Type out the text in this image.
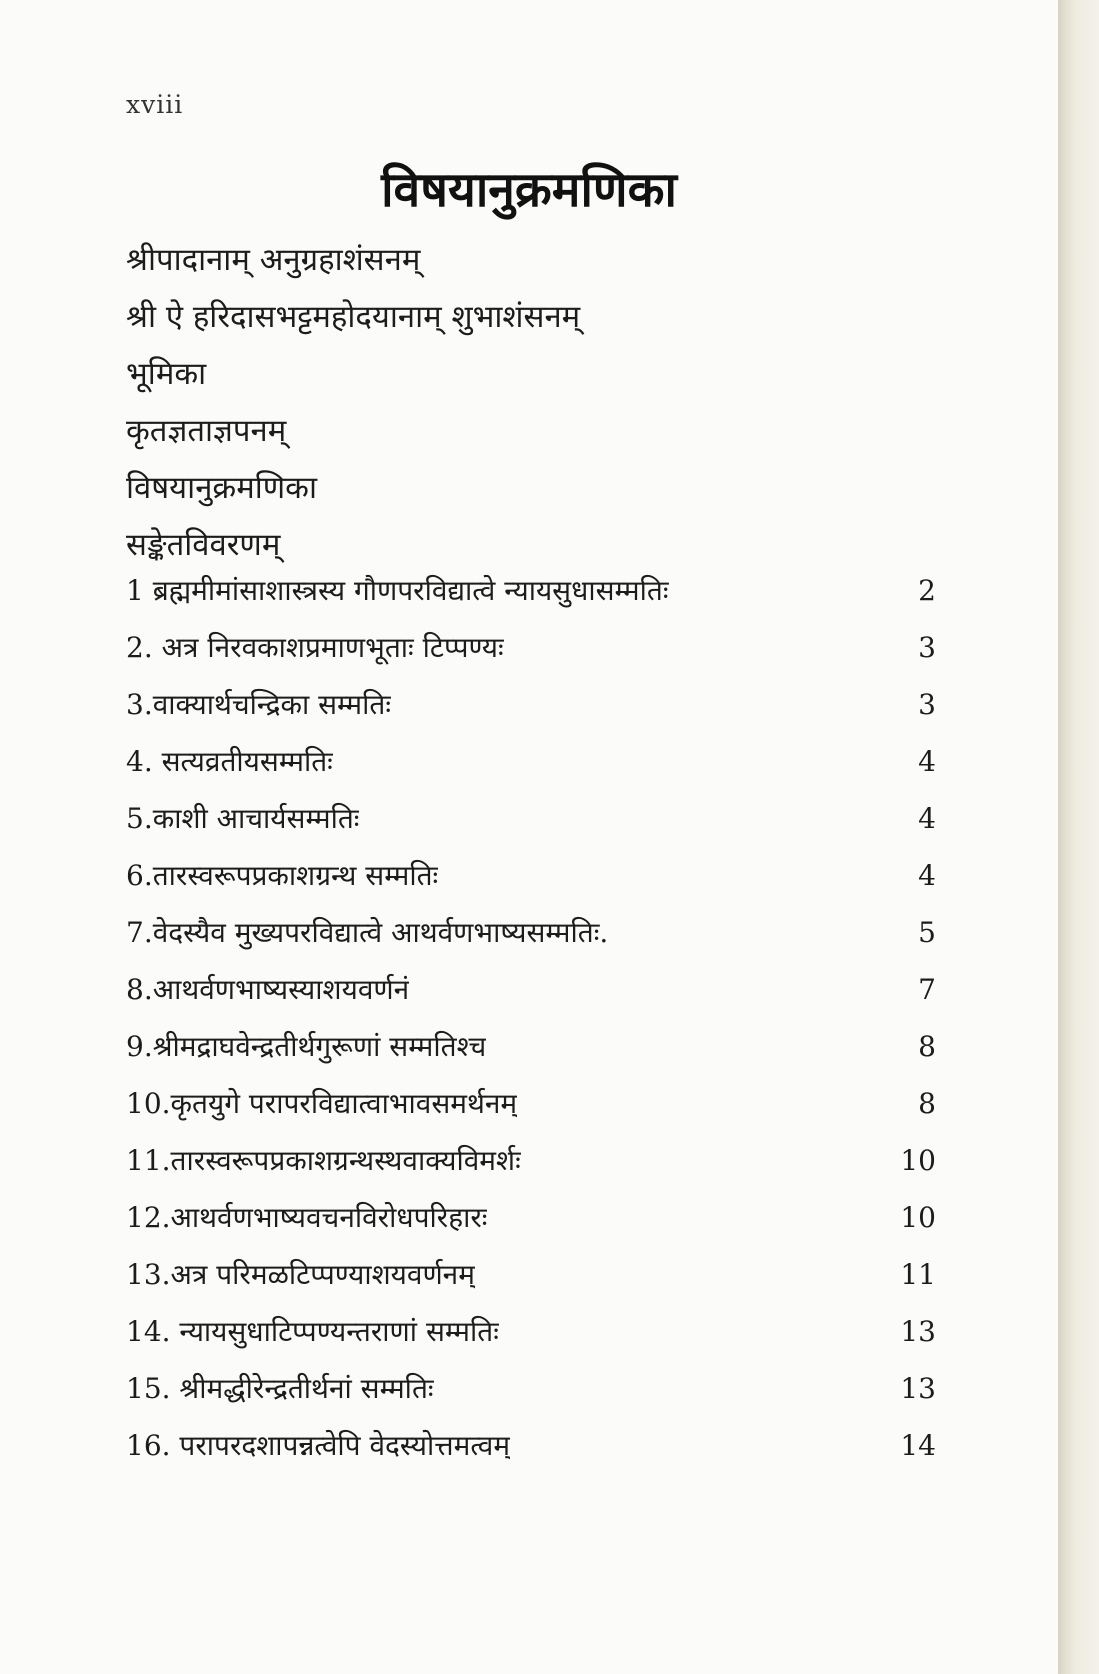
xviii
विषयानुक्रमणिका
श्रीपादानाम् अनुग्रहाशंसनम्
श्री ऐ हरिदासभट्टमहोदयानाम् शुभाशंसनम्
भूमिका
कृतज्ञताज्ञपनम्
विषयानुक्रमणिका
सङ्केतविवरणम्
1 ब्रह्ममीमांसाशास्त्रस्य गौणपरविद्यात्वे न्यायसुधासम्मतिः	2
2. अत्र निरवकाशप्रमाणभूताः टिप्पण्यः	3
3.वाक्यार्थचन्द्रिका सम्मतिः	3
4. सत्यव्रतीयसम्मतिः	4
5.काशी आचार्यसम्मतिः	4
6.तारस्वरूपप्रकाशग्रन्थ सम्मतिः	4
7.वेदस्यैव मुख्यपरविद्यात्वे आथर्वणभाष्यसम्मतिः.	5
8.आथर्वणभाष्यस्याशयवर्णनं	7
9.श्रीमद्राघवेन्द्रतीर्थगुरूणां सम्मतिश्च	8
10.कृतयुगे परापरविद्यात्वाभावसमर्थनम्	8
11.तारस्वरूपप्रकाशग्रन्थस्थवाक्यविमर्शः	10
12.आथर्वणभाष्यवचनविरोधपरिहारः	10
13.अत्र परिमळटिप्पण्याशयवर्णनम्	11
14. न्यायसुधाटिप्पण्यन्तराणां सम्मतिः	13
15. श्रीमद्धीरेन्द्रतीर्थनां सम्मतिः	13
16. परापरदशापन्नत्वेपि वेदस्योत्तमत्वम्	14
